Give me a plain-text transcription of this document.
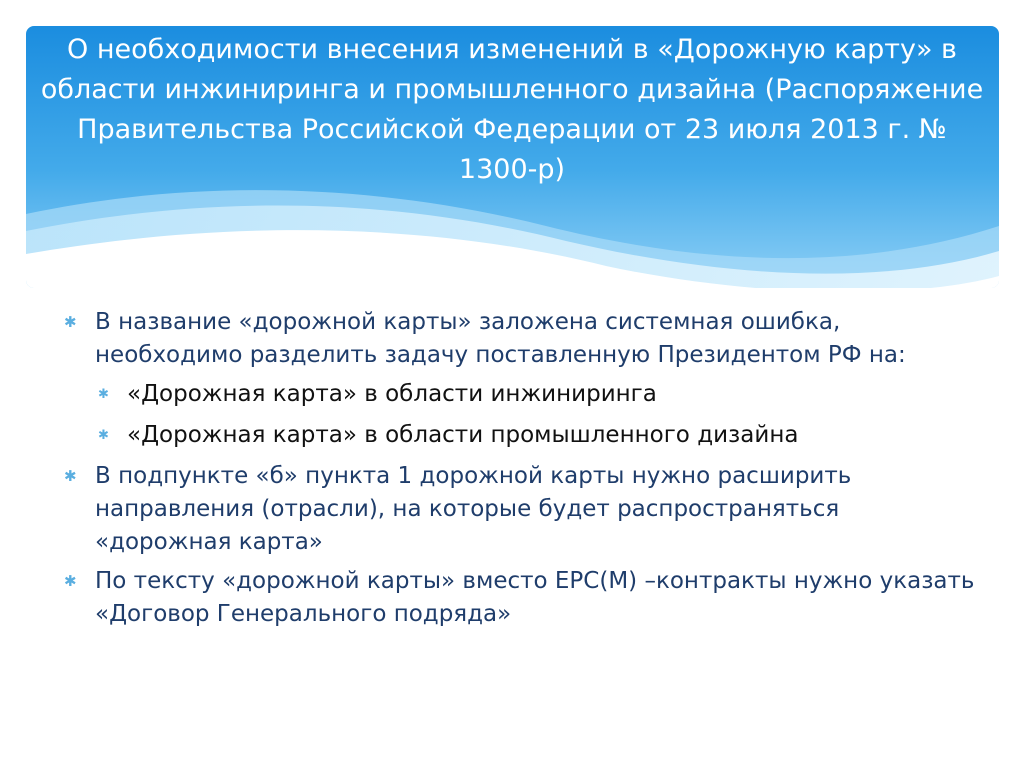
О необходимости внесения изменений в «Дорожную карту» в области инжиниринга и промышленного дизайна (Распоряжение Правительства Российской Федерации от 23 июля 2013 г. № 1300-р)
✱ В название «дорожной карты» заложена системная ошибка, необходимо разделить задачу поставленную Президентом РФ на:
✱ «Дорожная карта» в области инжиниринга
✱ «Дорожная карта» в области промышленного дизайна
✱ В подпункте «б» пункта 1 дорожной карты нужно расширить направления (отрасли), на которые будет распространяться «дорожная карта»
✱ По тексту «дорожной карты» вместо EPC(M) –контракты нужно указать «Договор Генерального подряда»
